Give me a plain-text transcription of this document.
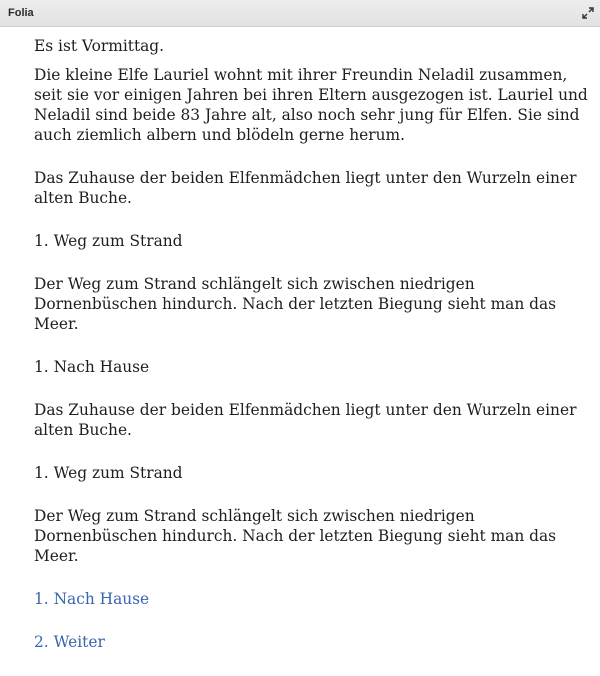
Folia

Es ist Vormittag.

Die kleine Elfe Lauriel wohnt mit ihrer Freundin Neladil zusammen, seit sie vor einigen Jahren bei ihren Eltern ausgezogen ist. Lauriel und Neladil sind beide 83 Jahre alt, also noch sehr jung für Elfen. Sie sind auch ziemlich albern und blödeln gerne herum.

Das Zuhause der beiden Elfenmädchen liegt unter den Wurzeln einer alten Buche.

1. Weg zum Strand

Der Weg zum Strand schlängelt sich zwischen niedrigen Dornenbüschen hindurch. Nach der letzten Biegung sieht man das Meer.

1. Nach Hause

Das Zuhause der beiden Elfenmädchen liegt unter den Wurzeln einer alten Buche.

1. Weg zum Strand

Der Weg zum Strand schlängelt sich zwischen niedrigen Dornenbüschen hindurch. Nach der letzten Biegung sieht man das Meer.

1. Nach Hause

2. Weiter
